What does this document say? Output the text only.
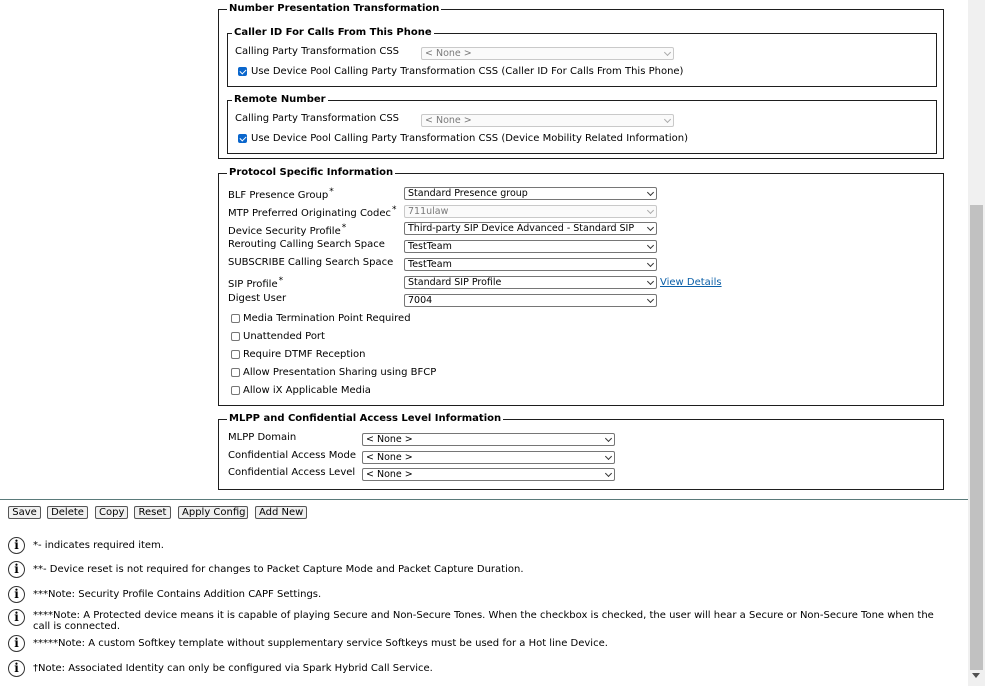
Number Presentation Transformation
Caller ID For Calls From This Phone
Calling Party Transformation CSS	< None >
Use Device Pool Calling Party Transformation CSS (Caller ID For Calls From This Phone)
Remote Number
Calling Party Transformation CSS	< None >
Use Device Pool Calling Party Transformation CSS (Device Mobility Related Information)
Protocol Specific Information
BLF Presence Group*	Standard Presence group
MTP Preferred Originating Codec*	711ulaw
Device Security Profile*	Third-party SIP Device Advanced - Standard SIP
Rerouting Calling Search Space	TestTeam
SUBSCRIBE Calling Search Space	TestTeam
SIP Profile*	Standard SIP Profile	View Details
Digest User	7004
Media Termination Point Required
Unattended Port
Require DTMF Reception
Allow Presentation Sharing using BFCP
Allow iX Applicable Media
MLPP and Confidential Access Level Information
MLPP Domain	< None >
Confidential Access Mode	< None >
Confidential Access Level	< None >
Save	Delete	Copy	Reset	Apply Config	Add New
i	*- indicates required item.
i	**- Device reset is not required for changes to Packet Capture Mode and Packet Capture Duration.
i	***Note: Security Profile Contains Addition CAPF Settings.
i	****Note: A Protected device means it is capable of playing Secure and Non-Secure Tones. When the checkbox is checked, the user will hear a Secure or Non-Secure Tone when the call is connected.
i	*****Note: A custom Softkey template without supplementary service Softkeys must be used for a Hot line Device.
i	†Note: Associated Identity can only be configured via Spark Hybrid Call Service.
